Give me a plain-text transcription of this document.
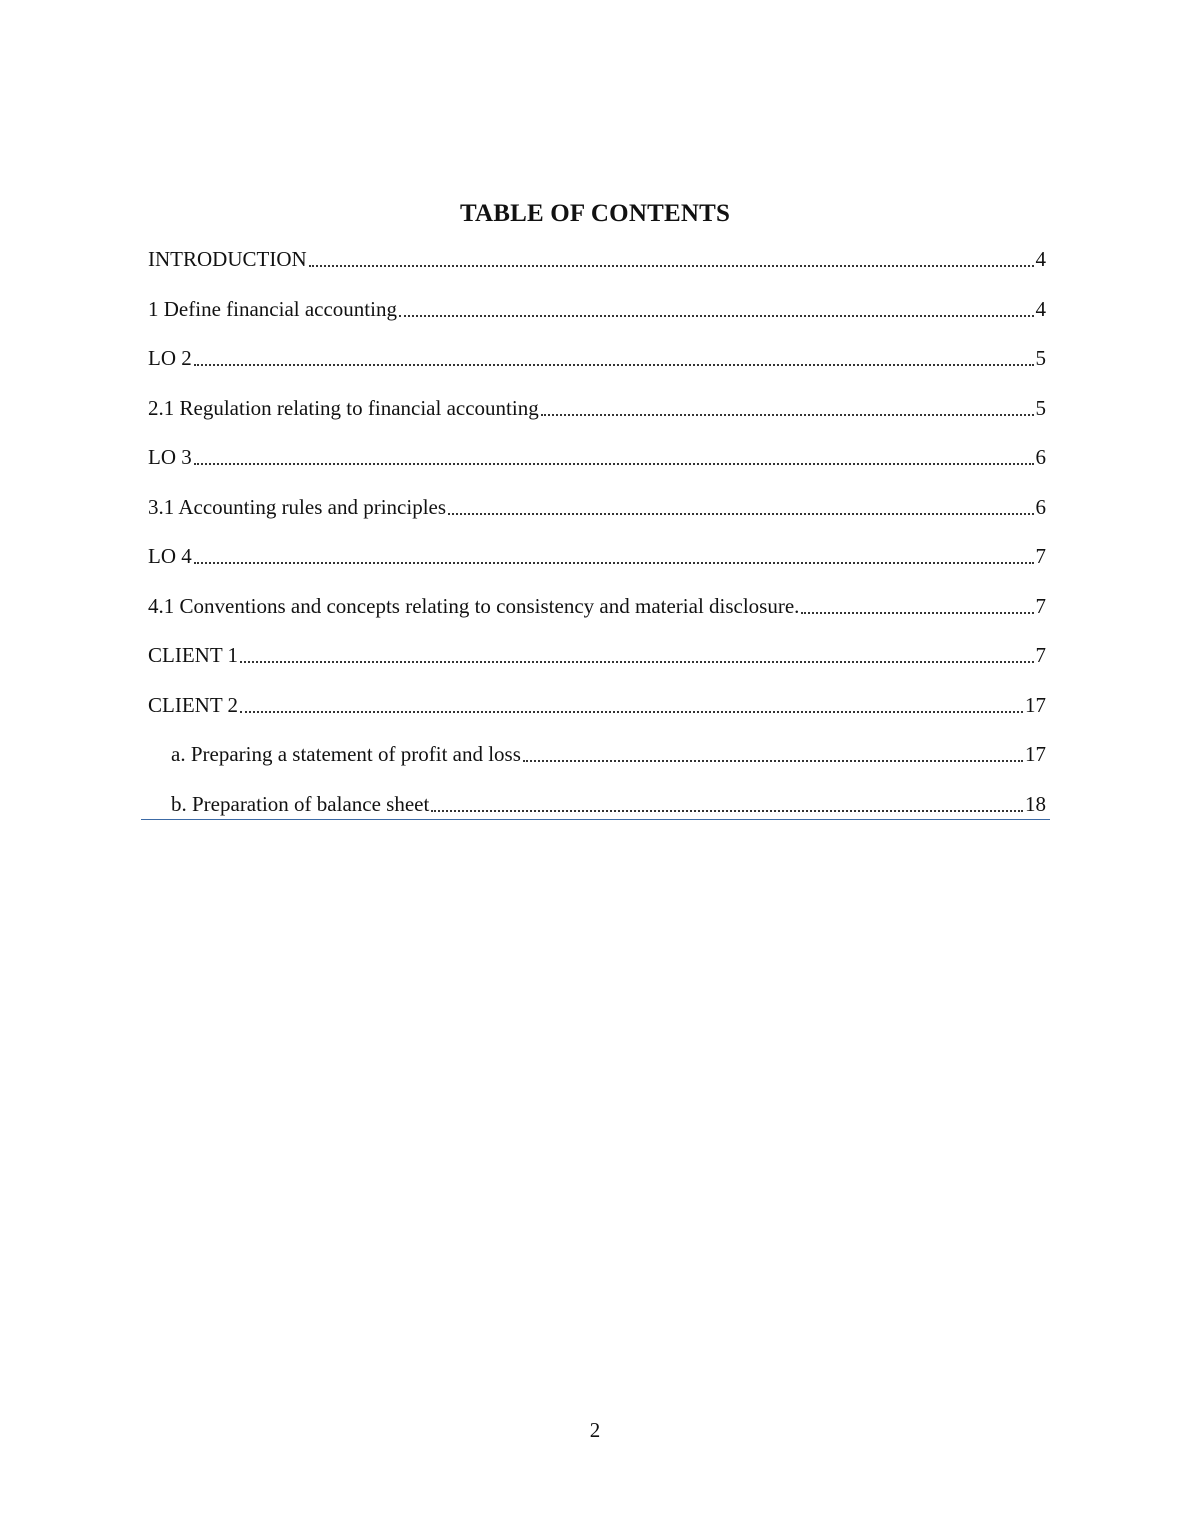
TABLE OF CONTENTS
INTRODUCTION	4
1 Define financial accounting	4
LO 2	5
2.1 Regulation relating to financial accounting	5
LO 3	6
3.1 Accounting rules and principles	6
LO 4	7
4.1 Conventions and concepts relating to consistency and material disclosure.	7
CLIENT 1	7
CLIENT 2	17
a. Preparing a statement of profit and loss	17
b. Preparation of balance sheet	18
2
